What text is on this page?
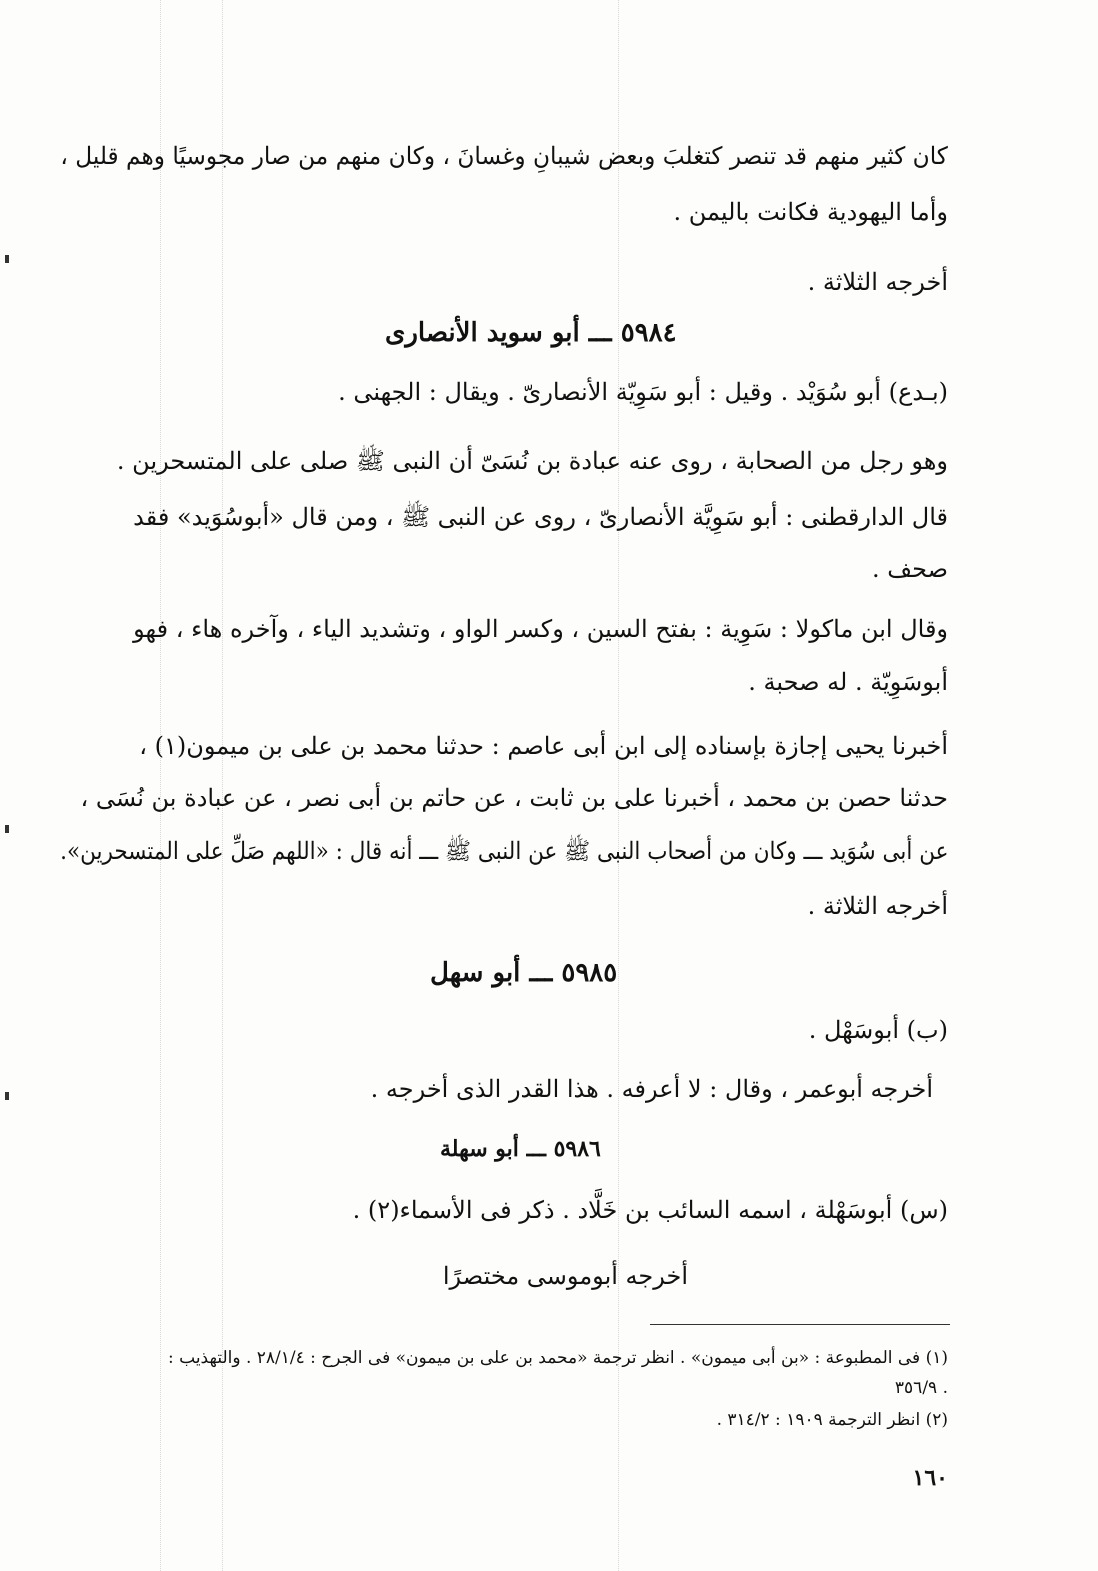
كان كثير منهم قد تنصر كتغلبَ وبعض شيبانِ وغسانَ ، وكان منهم من صار مجوسيًا وهم قليل ،
وأما اليهودية فكانت باليمن .
أخرجه الثلاثة .
٥٩٨٤ ـــ أبو سويد الأنصارى
(بـدع) أبو سُوَيْد . وقيل : أبو سَوِيّة الأنصارىّ . ويقال : الجهنى .
وهو رجل من الصحابة ، روى عنه عبادة بن نُسَىّ أن النبى ﷺ صلى على المتسحرين .
قال الدارقطنى : أبو سَوِيَّة الأنصارىّ ، روى عن النبى ﷺ ، ومن قال «أبوسُوَيد» فقد
صحف .
وقال ابن ماكولا : سَوِية : بفتح السين ، وكسر الواو ، وتشديد الياء ، وآخره هاء ، فهو
أبوسَوِيّة . له صحبة .
أخبرنا يحيى إجازة بإسناده إلى ابن أبى عاصم : حدثنا محمد بن على بن ميمون(١) ،
حدثنا حصن بن محمد ، أخبرنا على بن ثابت ، عن حاتم بن أبى نصر ، عن عبادة بن نُسَى ،
عن أبى سُوَيد ـــ وكان من أصحاب النبى ﷺ عن النبى ﷺ ـــ أنه قال : «اللهم صَلِّ على المتسحرين».
أخرجه الثلاثة .
٥٩٨٥ ـــ أبو سهل
(ب) أبوسَهْل .
أخرجه أبوعمر ، وقال : لا أعرفه . هذا القدر الذى أخرجه .
٥٩٨٦ ـــ أبو سهلة
(س) أبوسَهْلة ، اسمه السائب بن خَلَّاد . ذكر فى الأسماء(٢) .
أخرجه أبوموسى مختصرًا
(١) فى المطبوعة : «بن أبى ميمون» . انظر ترجمة «محمد بن على بن ميمون» فى الجرح : ٢٨/١/٤ . والتهذيب :
. ٣٥٦/٩
(٢) انظر الترجمة ١٩٠٩ : ٣١٤/٢ .
١٦٠
